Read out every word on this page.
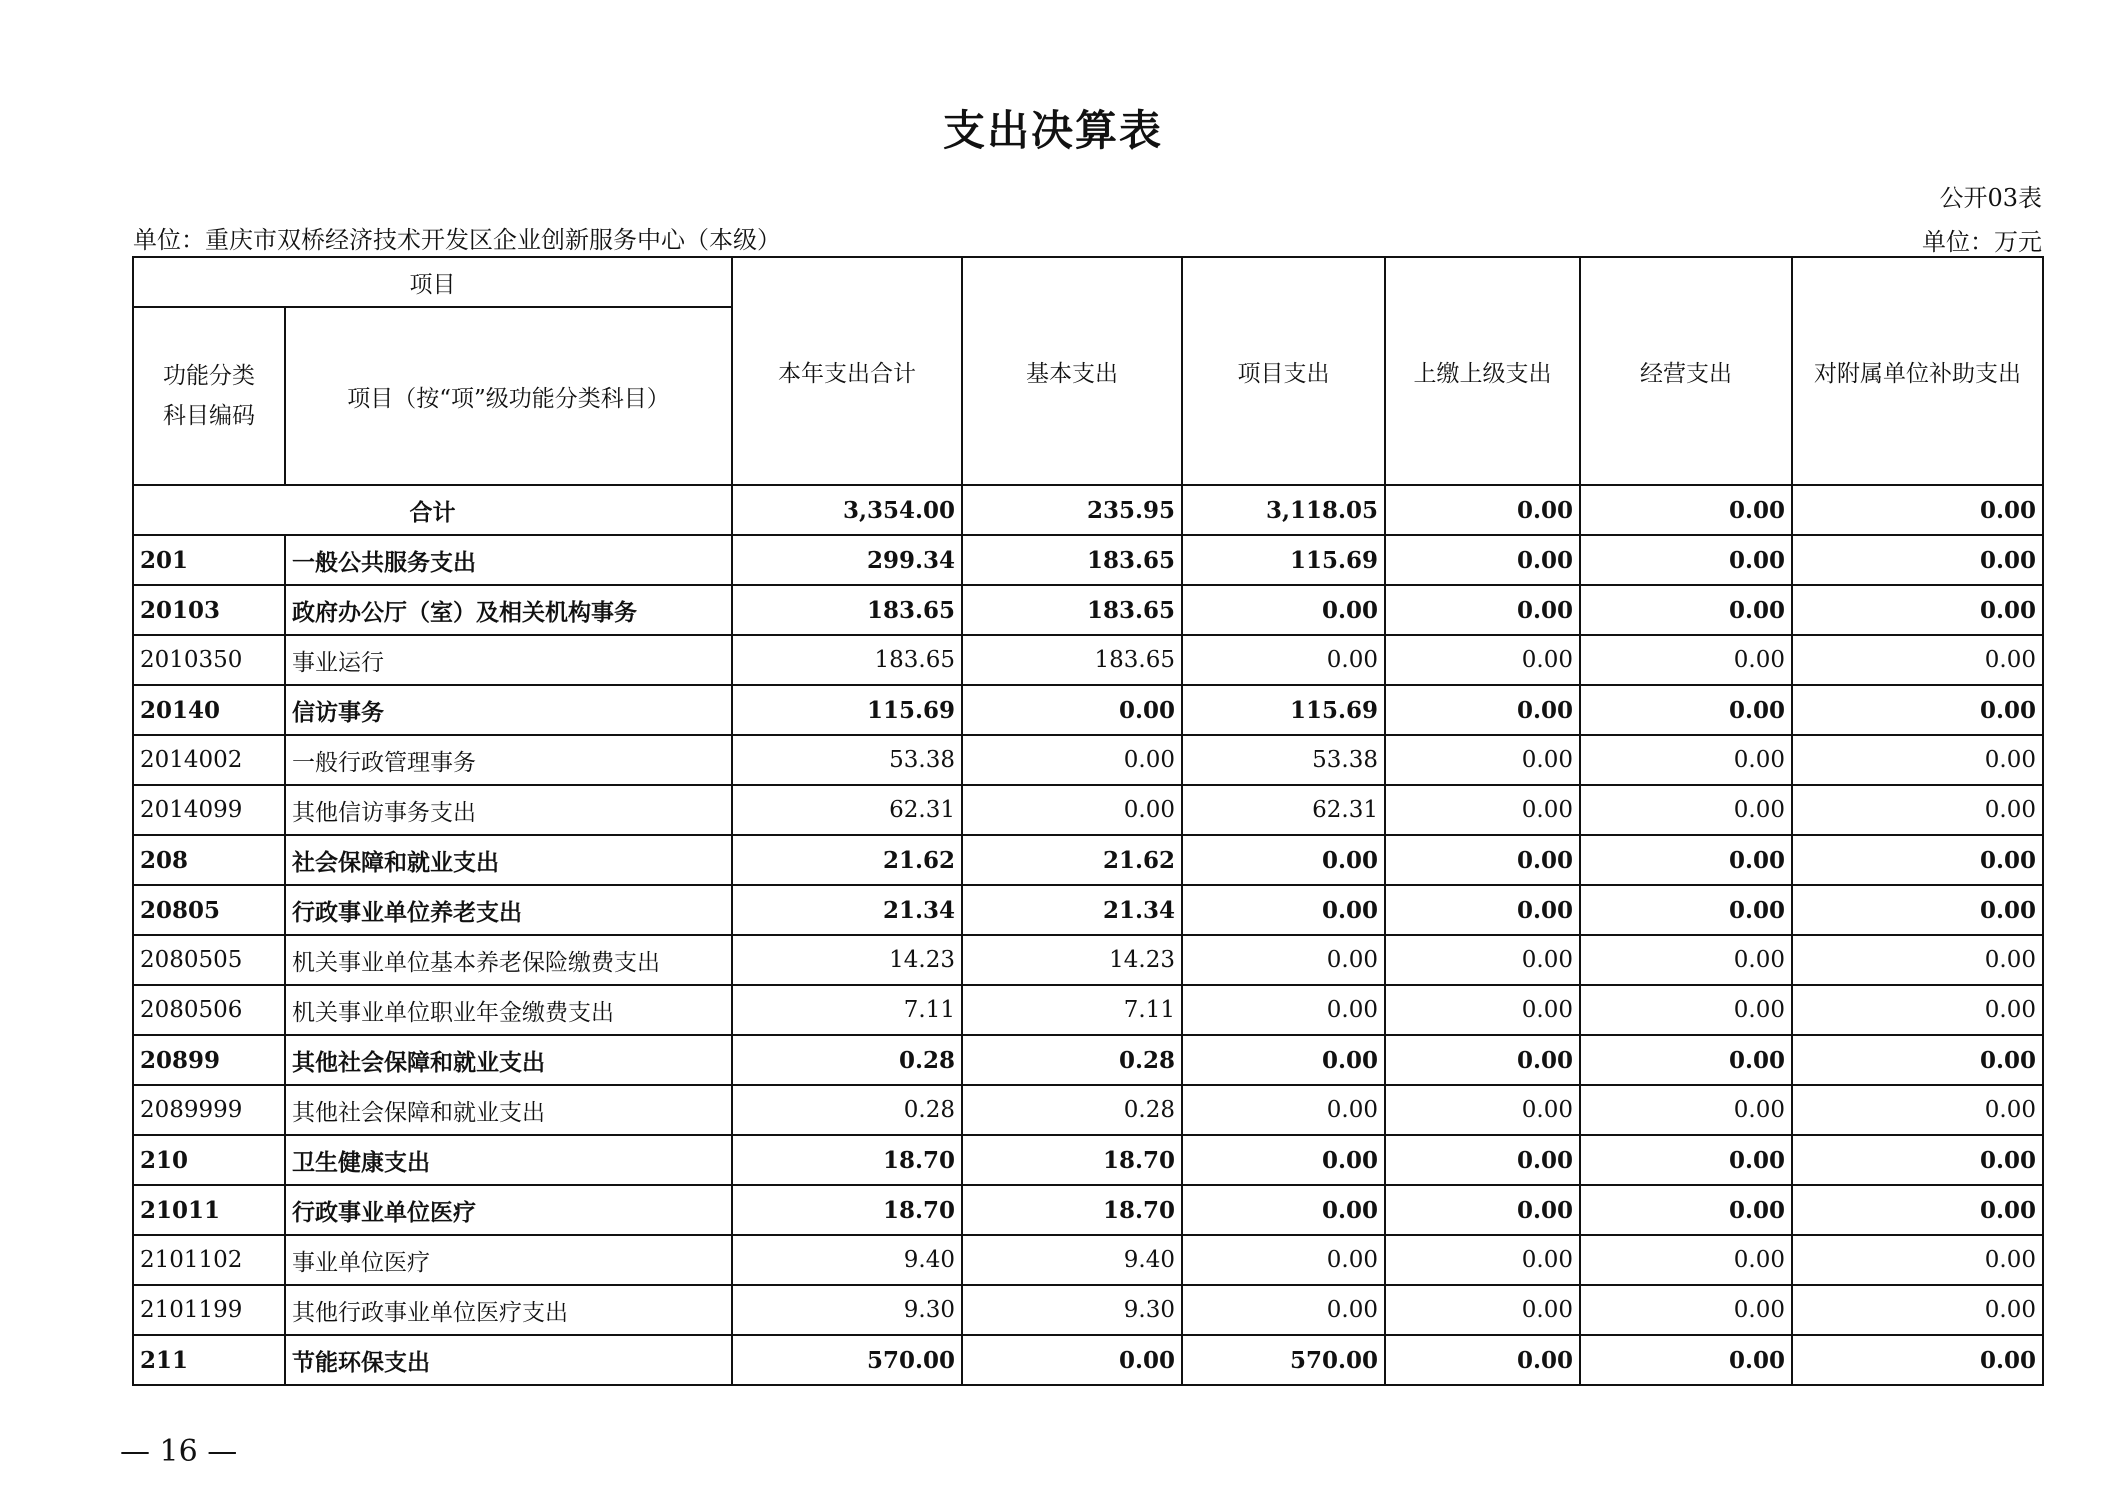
支出决算表
公开03表
单位：重庆市双桥经济技术开发区企业创新服务中心（本级）	单位：万元
项目		本年支出合计	基本支出	项目支出	上缴上级支出	经营支出	对附属单位补助支出

功能分类科目编码	项目（按“项”级功能分类科目）						
合计		3,354.00	235.95	3,118.05	0.00	0.00	0.00
201	一般公共服务支出	299.34	183.65	115.69	0.00	0.00	0.00
20103	政府办公厅（室）及相关机构事务	183.65	183.65	0.00	0.00	0.00	0.00
2010350	事业运行	183.65	183.65	0.00	0.00	0.00	0.00
20140	信访事务	115.69	0.00	115.69	0.00	0.00	0.00
2014002	一般行政管理事务	53.38	0.00	53.38	0.00	0.00	0.00
2014099	其他信访事务支出	62.31	0.00	62.31	0.00	0.00	0.00
208	社会保障和就业支出	21.62	21.62	0.00	0.00	0.00	0.00
20805	行政事业单位养老支出	21.34	21.34	0.00	0.00	0.00	0.00
2080505	机关事业单位基本养老保险缴费支出	14.23	14.23	0.00	0.00	0.00	0.00
2080506	机关事业单位职业年金缴费支出	7.11	7.11	0.00	0.00	0.00	0.00
20899	其他社会保障和就业支出	0.28	0.28	0.00	0.00	0.00	0.00
2089999	其他社会保障和就业支出	0.28	0.28	0.00	0.00	0.00	0.00
210	卫生健康支出	18.70	18.70	0.00	0.00	0.00	0.00
21011	行政事业单位医疗	18.70	18.70	0.00	0.00	0.00	0.00
2101102	事业单位医疗	9.40	9.40	0.00	0.00	0.00	0.00
2101199	其他行政事业单位医疗支出	9.30	9.30	0.00	0.00	0.00	0.00
211	节能环保支出	570.00	0.00	570.00	0.00	0.00	0.00
— 16 —
